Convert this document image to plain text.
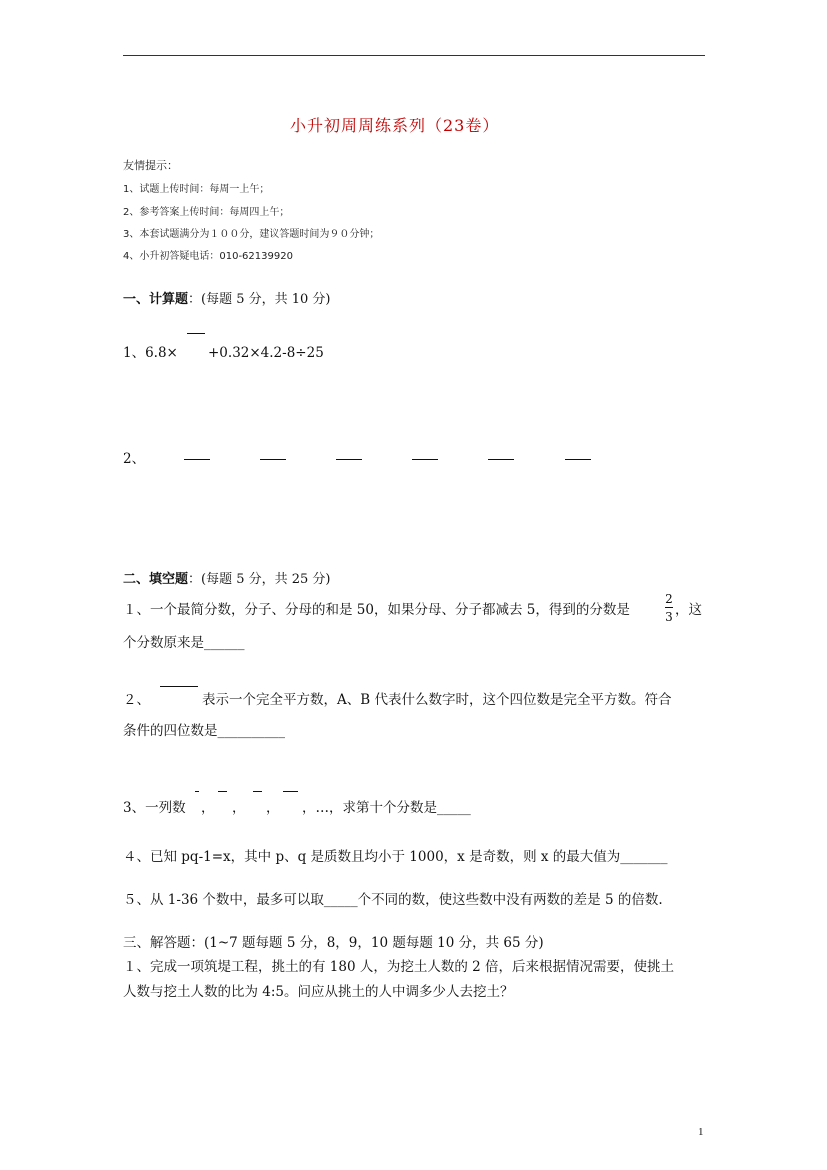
小升初周周练系列（23卷）
友情提示：
1、试题上传时间：每周一上午；
2、参考答案上传时间：每周四上午；
3、本套试题满分为１００分，建议答题时间为９０分钟；
4、小升初答疑电话：010-62139920
一、计算题：(每题 5 分，共 10 分)
1、6.8× +0.32×4.2-8÷25
2、
二、填空题：(每题 5 分，共 25 分)
１、一个最简分数，分子、分母的和是 50，如果分母、分子都减去 5，得到的分数是
2
3 ，这
个分数原来是______
２、	表示一个完全平方数，A、B 代表什么数字时，这个四位数是完全平方数。符合
条件的四位数是__________
3、一列数 ， ， ， ，…，求第十个分数是_____
４、已知 pq-1=x，其中 p、q 是质数且均小于 1000，x 是奇数，则 x 的最大值为_______
５、从 1-36 个数中，最多可以取_____个不同的数，使这些数中没有两数的差是 5 的倍数.
三、解答题：(1~7 题每题 5 分，8，9，10 题每题 10 分，共 65 分)
１、完成一项筑堤工程，挑土的有 180 人，为挖土人数的 2 倍，后来根据情况需要，使挑土
人数与挖土人数的比为 4:5。问应从挑土的人中调多少人去挖土？
1
